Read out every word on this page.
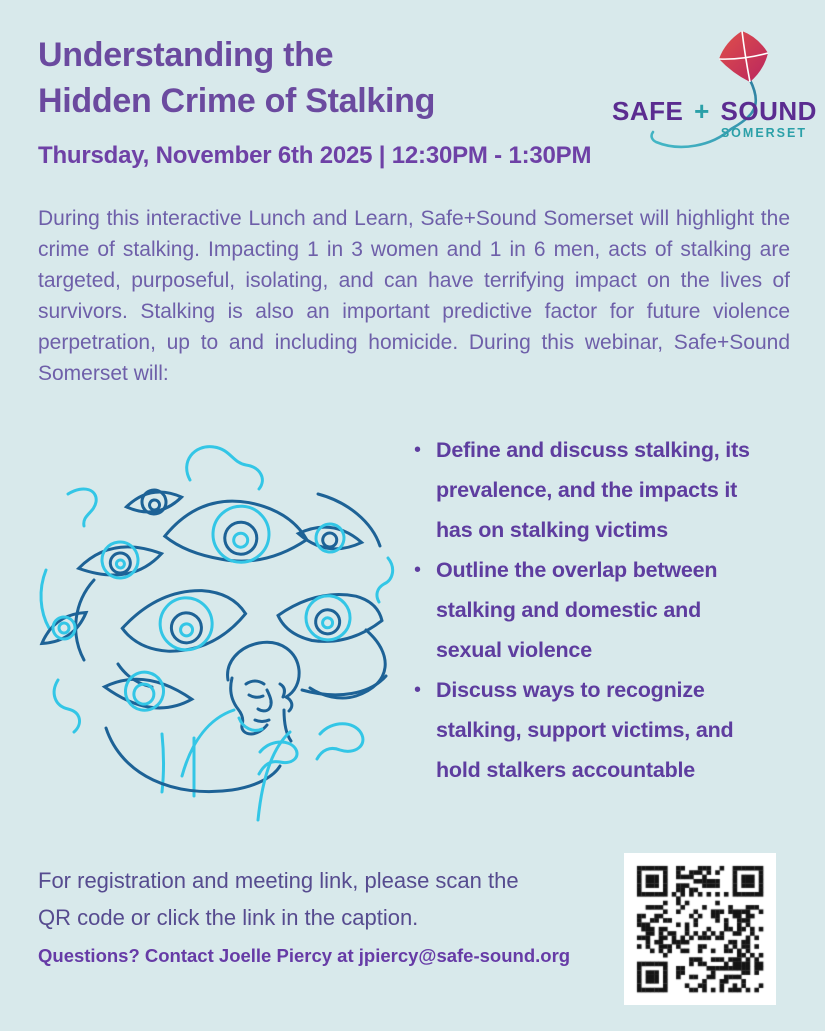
Understanding the
Hidden Crime of Stalking	SAFE + SOUND
SOMERSET
Thursday, November 6th 2025 | 12:30PM - 1:30PM

During this interactive Lunch and Learn, Safe+Sound Somerset will highlight the crime of stalking. Impacting 1 in 3 women and 1 in 6 men, acts of stalking are targeted, purposeful, isolating, and can have terrifying impact on the lives of survivors. Stalking is also an important predictive factor for future violence perpetration, up to and including homicide. During this webinar, Safe+Sound Somerset will:

• Define and discuss stalking, its
prevalence, and the impacts it
has on stalking victims
• Outline the overlap between
stalking and domestic and
sexual violence
• Discuss ways to recognize
stalking, support victims, and
hold stalkers accountable
For registration and meeting link, please scan the
QR code or click the link in the caption.
Questions? Contact Joelle Piercy at jpiercy@safe-sound.org
